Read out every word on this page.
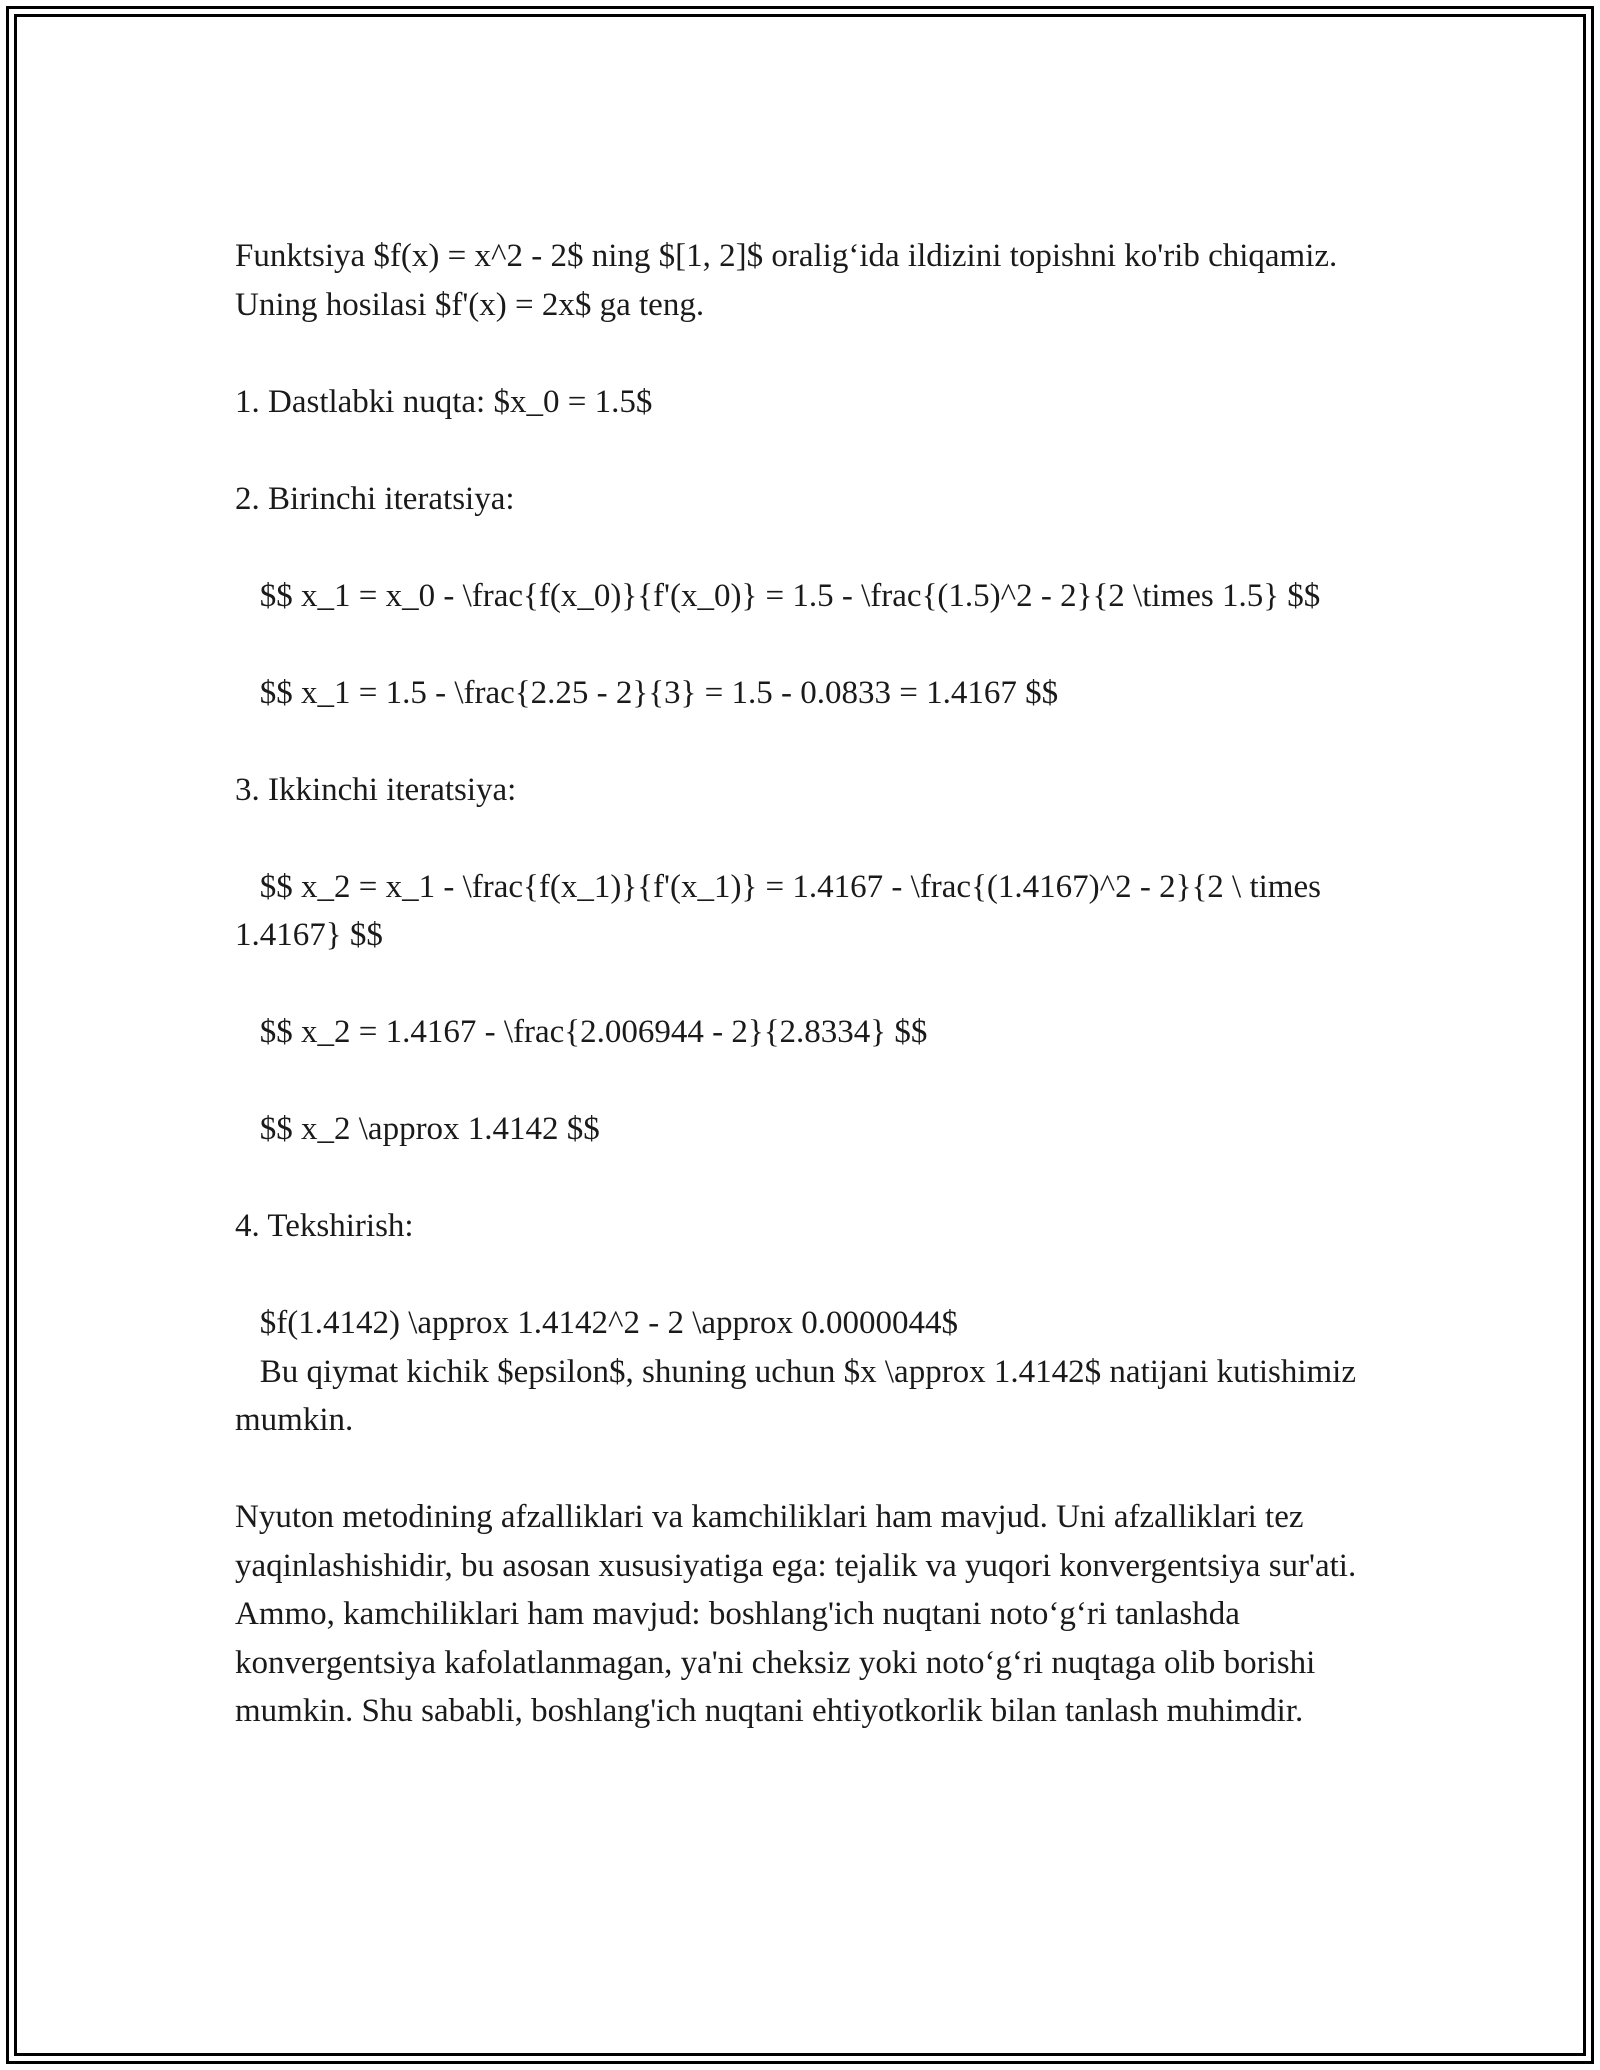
Funktsiya $f(x) = x^2 - 2$ ning $[1, 2]$ oralig‘ida ildizini topishni ko'rib chiqamiz. Uning hosilasi $f'(x) = 2x$ ga teng.

1. Dastlabki nuqta: $x_0 = 1.5$

2. Birinchi iteratsiya:

$$ x_1 = x_0 - \frac{f(x_0)}{f'(x_0)} = 1.5 - \frac{(1.5)^2 - 2}{2 \times 1.5} $$

$$ x_1 = 1.5 - \frac{2.25 - 2}{3} = 1.5 - 0.0833 = 1.4167 $$

3. Ikkinchi iteratsiya:

$$ x_2 = x_1 - \frac{f(x_1)}{f'(x_1)} = 1.4167 - \frac{(1.4167)^2 - 2}{2 \ times 1.4167} $$

$$ x_2 = 1.4167 - \frac{2.006944 - 2}{2.8334} $$

$$ x_2 \approx 1.4142 $$

4. Tekshirish:

$f(1.4142) \approx 1.4142^2 - 2 \approx 0.0000044$

Bu qiymat kichik $epsilon$, shuning uchun $x \approx 1.4142$ natijani kutishimiz mumkin.

Nyuton metodining afzalliklari va kamchiliklari ham mavjud. Uni afzalliklari tez yaqinlashishidir, bu asosan xususiyatiga ega: tejalik va yuqori konvergentsiya sur'ati. Ammo, kamchiliklari ham mavjud: boshlang'ich nuqtani noto‘g‘ri tanlashda konvergentsiya kafolatlanmagan, ya'ni cheksiz yoki noto‘g‘ri nuqtaga olib borishi mumkin. Shu sababli, boshlang'ich nuqtani ehtiyotkorlik bilan tanlash muhimdir.
